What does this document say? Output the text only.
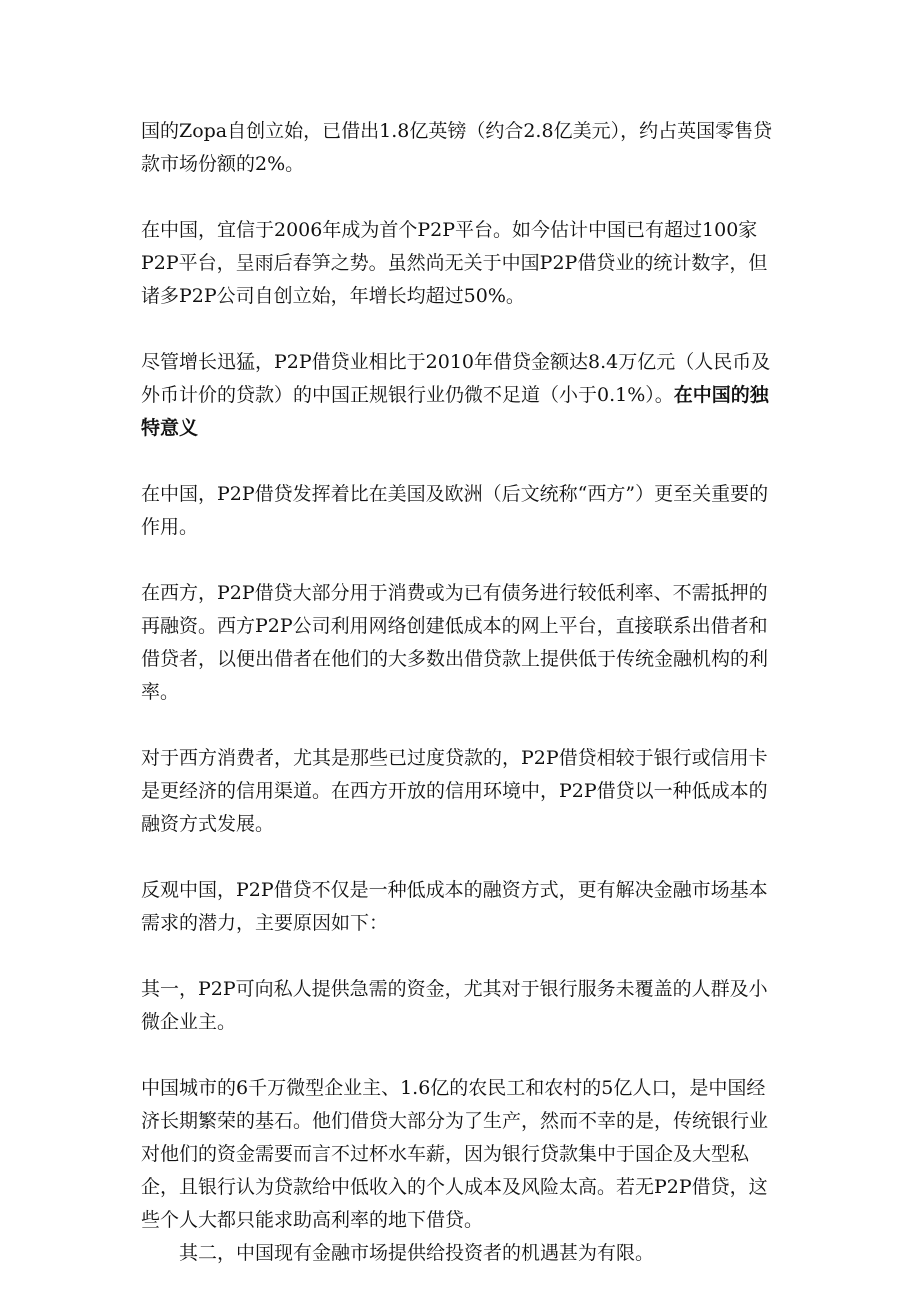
国的Zopa自创立始，已借出1.8亿英镑（约合2.8亿美元），约占英国零售贷款市场份额的2%。

在中国，宜信于2006年成为首个P2P平台。如今估计中国已有超过100家P2P平台，呈雨后春笋之势。虽然尚无关于中国P2P借贷业的统计数字，但诸多P2P公司自创立始，年增长均超过50%。

尽管增长迅猛，P2P借贷业相比于2010年借贷金额达8.4万亿元（人民币及外币计价的贷款）的中国正规银行业仍微不足道（小于0.1%）。在中国的独特意义

在中国，P2P借贷发挥着比在美国及欧洲（后文统称“西方”）更至关重要的作用。

在西方，P2P借贷大部分用于消费或为已有债务进行较低利率、不需抵押的再融资。西方P2P公司利用网络创建低成本的网上平台，直接联系出借者和借贷者，以便出借者在他们的大多数出借贷款上提供低于传统金融机构的利率。

对于西方消费者，尤其是那些已过度贷款的，P2P借贷相较于银行或信用卡是更经济的信用渠道。在西方开放的信用环境中，P2P借贷以一种低成本的融资方式发展。

反观中国，P2P借贷不仅是一种低成本的融资方式，更有解决金融市场基本需求的潜力，主要原因如下：

其一，P2P可向私人提供急需的资金，尤其对于银行服务未覆盖的人群及小微企业主。

中国城市的6千万微型企业主、1.6亿的农民工和农村的5亿人口，是中国经济长期繁荣的基石。他们借贷大部分为了生产，然而不幸的是，传统银行业对他们的资金需要而言不过杯水车薪，因为银行贷款集中于国企及大型私企，且银行认为贷款给中低收入的个人成本及风险太高。若无P2P借贷，这些个人大都只能求助高利率的地下借贷。

其二，中国现有金融市场提供给投资者的机遇甚为有限。
